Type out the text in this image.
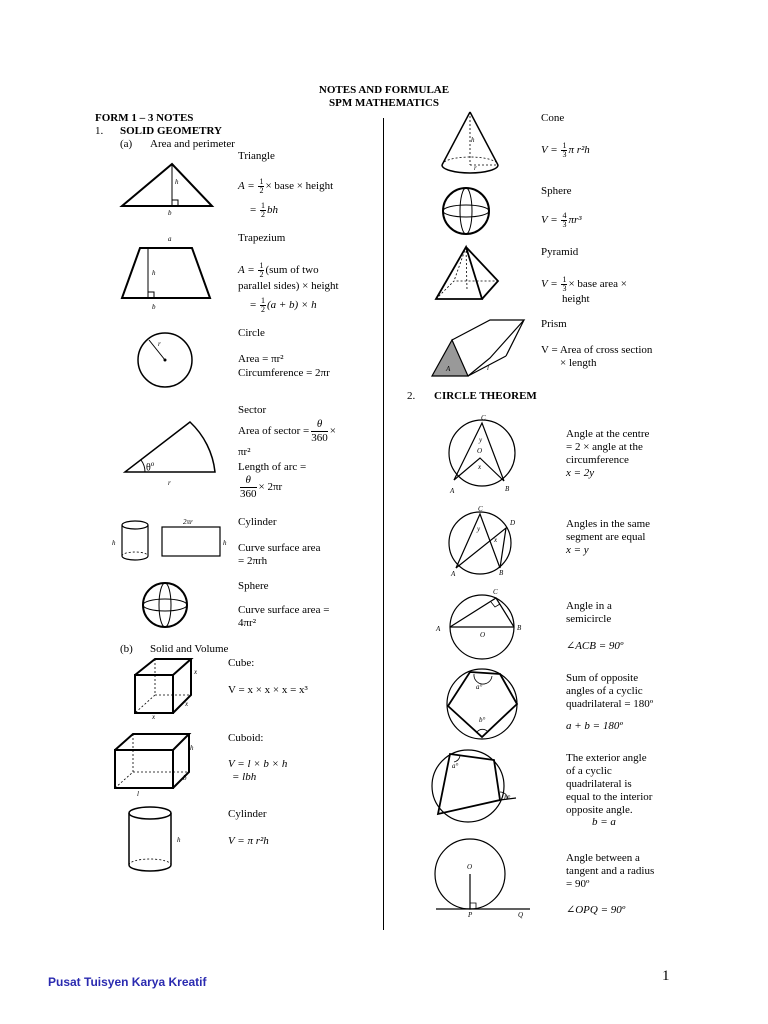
NOTES AND FORMULAE
SPM MATHEMATICS
FORM 1 – 3 NOTES
1. SOLID GEOMETRY
(a) Area and perimeter
h
b
Triangle
$A = \frac{1}{2}$ × base × height
= $\frac{1}{2}$ bh
a
h
b
Trapezium
$A = \frac{1}{2} (sum$ of two
parallel sides) × height
= $\frac{1}{2} (a + b) \times h$
r
Circle
Area = πr²
Circumference = 2πr
$\theta^o$
r
Sector
Area of sector = $\frac{\theta}{360}$ ×
πr²
Length of arc =
$\frac{\theta}{360} \times 2\pi r$
2πr
h	h
Cylinder
Curve surface area
= 2πrh
Sphere
Curve surface area =
4πr²
(b) Solid and Volume
x
x
x
Cube:
V = x × x × x = x³
h
b
l
Cuboid:
V = l × b × h
= lbh
h
Cylinder
V = π r²h
h
r
Cone
$V = \frac{1}{3}$ π r²h
Sphere
$V = \frac{4}{3} \pi r^3$
Pyramid
$V = \frac{1}{3}$ × base area ×
height
A	l
Prism
V = Area of cross section
× length
2. CIRCLE THEOREM
C
y
O
x
A	B
Angle at the centre
= 2 × angle at the
circumference
x = 2y
C
D
y
x
A	B
Angles in the same
segment are equal
x = y
C
A
O
B
Angle in a
semicircle
∠ACB = 90º
a°
b°
Sum of opposite
angles of a cyclic
quadrilateral = 180º
a + b = 180º
a°
b°
The exterior angle
of a cyclic
quadrilateral is
equal to the interior
opposite angle.
b = a
O
P	Q
Angle between a
tangent and a radius
= 90º
∠OPQ = 90º
Pusat Tuisyen Karya Kreatif	1
